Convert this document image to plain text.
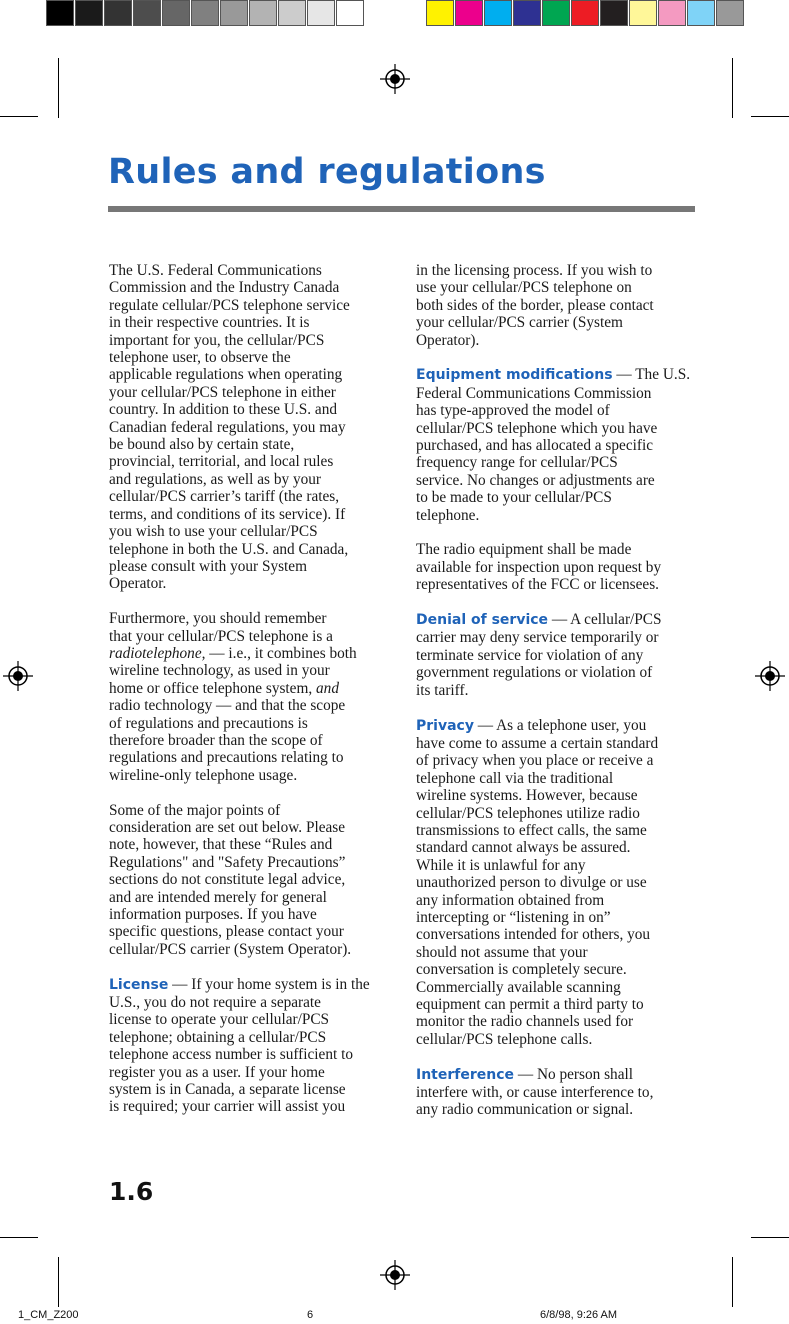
Rules and regulations

The U.S. Federal Communications
Commission and the Industry Canada
regulate cellular/PCS telephone service
in their respective countries. It is
important for you, the cellular/PCS
telephone user, to observe the
applicable regulations when operating
your cellular/PCS telephone in either
country. In addition to these U.S. and
Canadian federal regulations, you may
be bound also by certain state,
provincial, territorial, and local rules
and regulations, as well as by your
cellular/PCS carrier’s tariff (the rates,
terms, and conditions of its service). If
you wish to use your cellular/PCS
telephone in both the U.S. and Canada,
please consult with your System
Operator.

Furthermore, you should remember
that your cellular/PCS telephone is a
radiotelephone, — i.e., it combines both
wireline technology, as used in your
home or office telephone system, and
radio technology — and that the scope
of regulations and precautions is
therefore broader than the scope of
regulations and precautions relating to
wireline-only telephone usage.

Some of the major points of
consideration are set out below. Please
note, however, that these “Rules and
Regulations" and "Safety Precautions”
sections do not constitute legal advice,
and are intended merely for general
information purposes. If you have
specific questions, please contact your
cellular/PCS carrier (System Operator).

License — If your home system is in the
U.S., you do not require a separate
license to operate your cellular/PCS
telephone; obtaining a cellular/PCS
telephone access number is sufficient to
register you as a user. If your home
system is in Canada, a separate license
is required; your carrier will assist you

in the licensing process. If you wish to
use your cellular/PCS telephone on
both sides of the border, please contact
your cellular/PCS carrier (System
Operator).

Equipment modifications — The U.S.
Federal Communications Commission
has type-approved the model of
cellular/PCS telephone which you have
purchased, and has allocated a specific
frequency range for cellular/PCS
service. No changes or adjustments are
to be made to your cellular/PCS
telephone.

The radio equipment shall be made
available for inspection upon request by
representatives of the FCC or licensees.

Denial of service — A cellular/PCS
carrier may deny service temporarily or
terminate service for violation of any
government regulations or violation of
its tariff.

Privacy — As a telephone user, you
have come to assume a certain standard
of privacy when you place or receive a
telephone call via the traditional
wireline systems. However, because
cellular/PCS telephones utilize radio
transmissions to effect calls, the same
standard cannot always be assured.
While it is unlawful for any
unauthorized person to divulge or use
any information obtained from
intercepting or “listening in on”
conversations intended for others, you
should not assume that your
conversation is completely secure.
Commercially available scanning
equipment can permit a third party to
monitor the radio channels used for
cellular/PCS telephone calls.

Interference — No person shall
interfere with, or cause interference to,
any radio communication or signal.

1.6
1_CM_Z200	6	6/8/98, 9:26 AM
